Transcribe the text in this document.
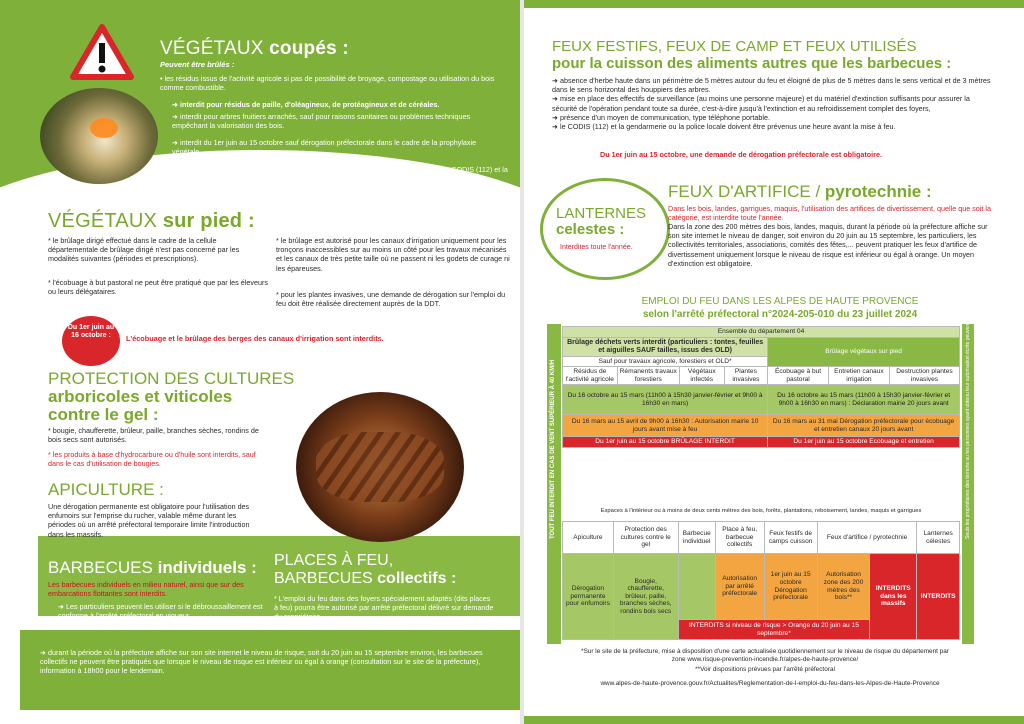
VÉGÉTAUX coupés :
Peuvent être brûlés :
• les résidus issus de l'activité agricole si pas de possibilité de broyage, compostage ou utilisation du bois comme combustible.
➜ interdit pour résidus de paille, d'oléagineux, de protéagineux et de céréales.
➜ interdit pour arbres fruitiers arrachés, sauf pour raisons sanitaires ou problèmes techniques empêchant la valorisation des bois.
➜ interdit du 1er juin au 15 octobre sauf dérogation préfectorale dans le cadre de la prophylaxie végétale.
A partir du 15 septembre, les lavandiculteurs peuvent brûler les lavandes arrachées : le CODIS (112) et la gendarmerie locale doivent être prévenus avant la mise à feu.
VÉGÉTAUX sur pied :
* le brûlage dirigé effectué dans le cadre de la cellule départementale de brûlage dirigé n'est pas concerné par les modalités suivantes (périodes et prescriptions).
* l'écobuage à but pastoral ne peut être pratiqué que par les éleveurs ou leurs délégataires.
* le brûlage est autorisé pour les canaux d'irrigation uniquement pour les tronçons inaccessibles sur au moins un côté pour les travaux mécanisés et les canaux de très petite taille où ne passent ni les godets de curage ni les épareuses.
* pour les plantes invasives, une demande de dérogation sur l'emploi du feu doit être réalisée directement auprès de la DDT.
Du 1er juin au 16 octobre :	L'écobuage et le brûlage des berges des canaux d'irrigation sont interdits.
PROTECTION DES CULTURES
arboricoles et viticoles
contre le gel :
* bougie, chaufferette, brûleur, paille, branches sèches, rondins de bois secs sont autorisés.
* les produits à base d'hydrocarbure ou d'huile sont interdits, sauf dans le cas d'utilisation de bougies.
APICULTURE :
Une dérogation permanente est obligatoire pour l'utilisation des enfumoirs sur l'emprise du rucher, valable même durant les périodes où un arrêté préfectoral temporaire limite l'introduction dans les massifs.
BARBECUES individuels :
Les barbecues individuels en milieu naturel, ainsi que sur des embarcations flottantes sont interdits.
➜ Les particuliers peuvent les utiliser si le débroussaillement est conforme à l'arrêté préfectoral en vigueur.
PLACES À FEU,
BARBECUES collectifs :
* L'emploi du feu dans des foyers spécialement adaptés (dits places à feu) pourra être autorisé par arrêté préfectoral délivré sur demande du propriétaire.
➜ durant la période où la préfecture affiche sur son site internet le niveau de risque, soit du 20 juin au 15 septembre environ, les barbecues collectifs ne peuvent être pratiqués que lorsque le niveau de risque est inférieur ou égal à orange (consultation sur le site de la préfecture), information à 18h00 pour le lendemain.
FEUX FESTIFS, FEUX DE CAMP ET FEUX UTILISÉS
pour la cuisson des aliments autres que les barbecues :
➜ absence d'herbe haute dans un périmètre de 5 mètres autour du feu et éloigné de plus de 5 mètres dans le sens vertical et de 3 mètres dans le sens horizontal des houppiers des arbres.
➜ mise en place des effectifs de surveillance (au moins une personne majeure) et du matériel d'extinction suffisants pour assurer la sécurité de l'opération pendant toute sa durée, c'est-à-dire jusqu'à l'extinction et au refroidissement complet des foyers,
➜ présence d'un moyen de communication, type téléphone portable.
➜ le CODIS (112) et la gendarmerie ou la police locale doivent être prévenus une heure avant la mise à feu.
Du 1er juin au 15 octobre, une demande de dérogation préfectorale est obligatoire.
LANTERNES
celestes :
Interdites toute l'année.
FEUX D'ARTIFICE / pyrotechnie :
Dans les bois, landes, garrigues, maquis, l'utilisation des artifices de divertissement, quelle que soit la catégorie, est interdite toute l'année.
Dans la zone des 200 mètres des bois, landes, maquis, durant la période où la préfecture affiche sur son site internet le niveau de danger, soit environ du 20 juin au 15 septembre, les particuliers, les collectivités territoriales, associations, comités des fêtes,... peuvent pratiquer les feux d'artifice de divertissement uniquement lorsque le niveau de risque est inférieur ou égal à orange. Un moyen d'extinction est obligatoire.
EMPLOI DU FEU DANS LES ALPES DE HAUTE PROVENCE
selon l'arrêté préfectoral n°2024-205-010 du 23 juillet 2024
TOUT FEU INTERDIT EN CAS DE VENT SUPÉRIEUR À 40 KM/H	Seuls les propriétaires des terrains ou les personnes ayant obtenu leur autorisation écrite peuvent demander l'emploi du feu
Ensemble du département 04						
Brûlage déchets verts interdit (particuliers : tontes, feuilles et aiguilles SAUF tailles, issus des OLD)				Brûlage végétaux sur pied		
Sauf pour travaux agricole, forestiers et OLD*						
Résidus de l'activité agricole	Rémanents travaux forestiers	Végétaux infectés	Plantes invasives	Écobuage à but pastoral	Entretien canaux irrigation	Destruction plantes invasives
Du 16 octobre au 15 mars (11h00 à 15h30 janvier-février et 9h00 à 16h30 en mars)				Du 16 octobre au 15 mars (11h00 à 15h30 janvier-février et 9h00 à 16h30 en mars) : Déclaration mairie 20 jours avant		
Du 16 mars au 15 avril de 9h00 à 16h30 : Autorisation mairie 10 jours avant mise à feu				Du 16 mars au 31 mai Dérogation préfectorale pour écobuage et entretien canaux 20 jours avant		
Du 1er juin au 15 octobre BRÛLAGE INTERDIT				Du 1er juin au 15 octobre Ecobuage et entretien		
Espaces à l'intérieur ou à moins de deux cents mètres des bois, forêts, plantations, reboisement, landes, maquis et garrigues
Apiculture	Protection des cultures contre le gel	Barbecue individuel	Place à feu, barbecue collectifs	Feux festifs de camps cuisson	Feux d'artifice / pyrotechnie		Lanternes célestes
Dérogation permanente pour enfumoirs	Bougie, chaufferette, brûleur, paille, branches sèches, rondins bois secs		Autorisation par arrêté préfectorale	1er juin au 15 octobre Dérogation préfectorale	Autorisation zone des 200 mètres des bois**	INTERDITS dans les massifs	INTERDITS
		INTERDITS si niveau de risque > Orange du 20 juin au 15 septembre*					
*Sur le site de la préfecture, mise à disposition d'une carte actualisée quotidiennement sur le niveau de risque du département par zone www.risque-prevention-incendie.fr/alpes-de-haute-provence/
**Voir dispositions prévues par l'arrêté préfectoral
www.alpes-de-haute-provence.gouv.fr/Actualites/Reglementation-de-l-emploi-du-feu-dans-les-Alpes-de-Haute-Provence
